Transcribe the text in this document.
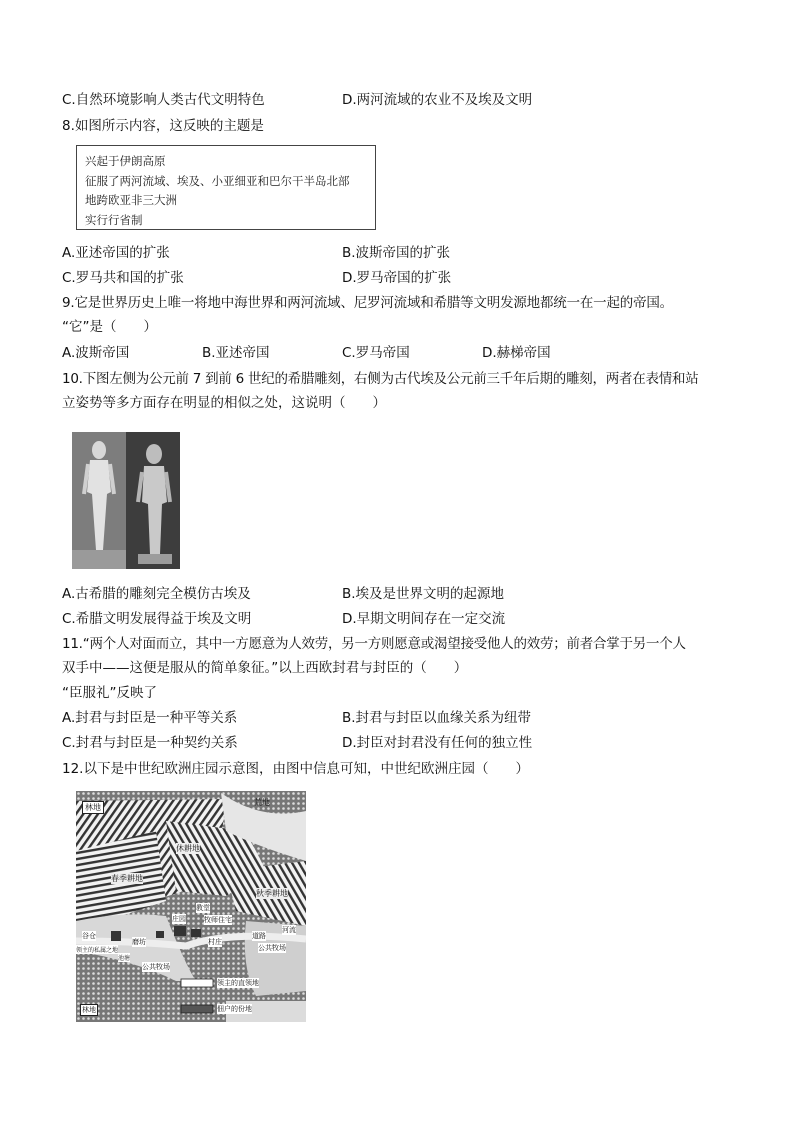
C.自然环境影响人类古代文明特色	D.两河流域的农业不及埃及文明
8.如图所示内容，这反映的主题是
兴起于伊朗高原
征服了两河流域、埃及、小亚细亚和巴尔干半岛北部
地跨欧亚非三大洲
实行行省制
A.亚述帝国的扩张	B.波斯帝国的扩张
C.罗马共和国的扩张	D.罗马帝国的扩张
9.它是世界历史上唯一将地中海世界和两河流域、尼罗河流域和希腊等文明发源地都统一在一起的帝国。
“它”是（　　）
A.波斯帝国	B.亚述帝国	C.罗马帝国	D.赫梯帝国
10.下图左侧为公元前 7 到前 6 世纪的希腊雕刻，右侧为古代埃及公元前三千年后期的雕刻，两者在表情和站
立姿势等多方面存在明显的相似之处，这说明（　　）
A.古希腊的雕刻完全模仿古埃及	B.埃及是世界文明的起源地
C.希腊文明发展得益于埃及文明	D.早期文明间存在一定交流
11.“两个人对面而立，其中一方愿意为人效劳，另一方则愿意或渴望接受他人的效劳；前者合掌于另一个人
双手中——这便是服从的简单象征。”以上西欧封君与封臣的（　　）
“臣服礼”反映了
A.封君与封臣是一种平等关系	B.封君与封臣以血缘关系为纽带
C.封君与封臣是一种契约关系	D.封臣对封君没有任何的独立性
12.以下是中世纪欧洲庄园示意图，由图中信息可知，中世纪欧洲庄园（　　）
林地
荒地
休耕地
春季耕地
秋季耕地
教堂
庄园	牧师住宅
谷仓
磨坊	村庄
道路
河流
领主的私属之地
池塘
公共牧场
公共牧场
林地
领主的直领地
佃户的份地
